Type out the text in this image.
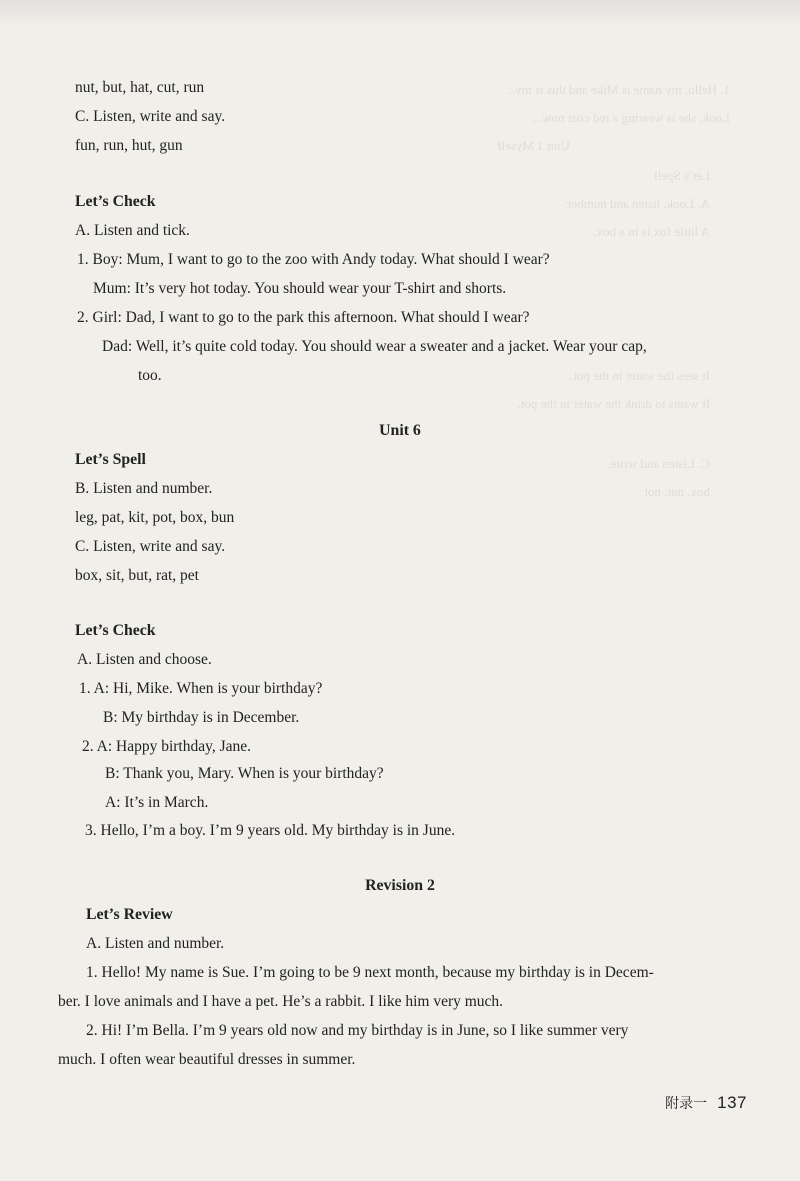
1. Hello, my name is Mike and this is my...
Look, she is wearing a red coat now...
Unit 1 Myself
Let’s Spell
A. Look, listen and number.
A little fox is in a box.
It sees the water in the pot.
It wants to drink the water in the pot.
C. Listen and write.
box, nut, not
nut, but, hat, cut, run
C. Listen, write and say.
fun, run, hut, gun
Let’s Check
A. Listen and tick.
1. Boy: Mum, I want to go to the zoo with Andy today. What should I wear?
Mum: It’s very hot today. You should wear your T-shirt and shorts.
2. Girl: Dad, I want to go to the park this afternoon. What should I wear?
Dad: Well, it’s quite cold today. You should wear a sweater and a jacket. Wear your cap,
too.
Unit 6
Let’s Spell
B. Listen and number.
leg, pat, kit, pot, box, bun
C. Listen, write and say.
box, sit, but, rat, pet
Let’s Check
A. Listen and choose.
1. A: Hi, Mike. When is your birthday?
B: My birthday is in December.
2. A: Happy birthday, Jane.
B: Thank you, Mary. When is your birthday?
A: It’s in March.
3. Hello, I’m a boy. I’m 9 years old. My birthday is in June.
Revision 2
Let’s Review
A. Listen and number.
1. Hello! My name is Sue. I’m going to be 9 next month, because my birthday is in Decem-
ber. I love animals and I have a pet. He’s a rabbit. I like him very much.
2. Hi! I’m Bella. I’m 9 years old now and my birthday is in June, so I like summer very
much. I often wear beautiful dresses in summer.
附录一 137
